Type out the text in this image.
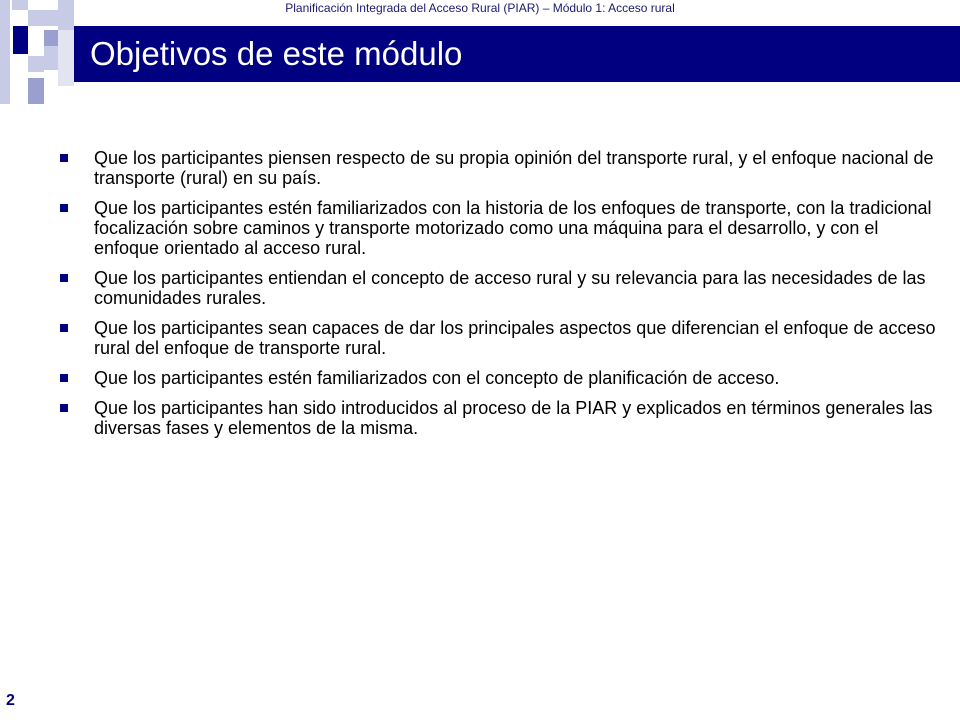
Planificación Integrada del Acceso Rural (PIAR) – Módulo 1: Acceso rural
Objetivos de este módulo
Que los participantes piensen respecto de su propia opinión del transporte rural, y el enfoque nacional de transporte (rural) en su país.
Que los participantes estén familiarizados con la historia de los enfoques de transporte, con la tradicional focalización sobre caminos y transporte motorizado como una máquina para el desarrollo, y con el enfoque orientado al acceso rural.
Que los participantes entiendan el concepto de acceso rural y su relevancia para las necesidades de las comunidades rurales.
Que los participantes sean capaces de dar los principales aspectos que diferencian el enfoque de acceso rural del enfoque de transporte rural.
Que los participantes estén familiarizados con el concepto de planificación de acceso.
Que los participantes han sido introducidos al proceso de la PIAR y explicados en términos generales las diversas fases y elementos de la misma.
2
